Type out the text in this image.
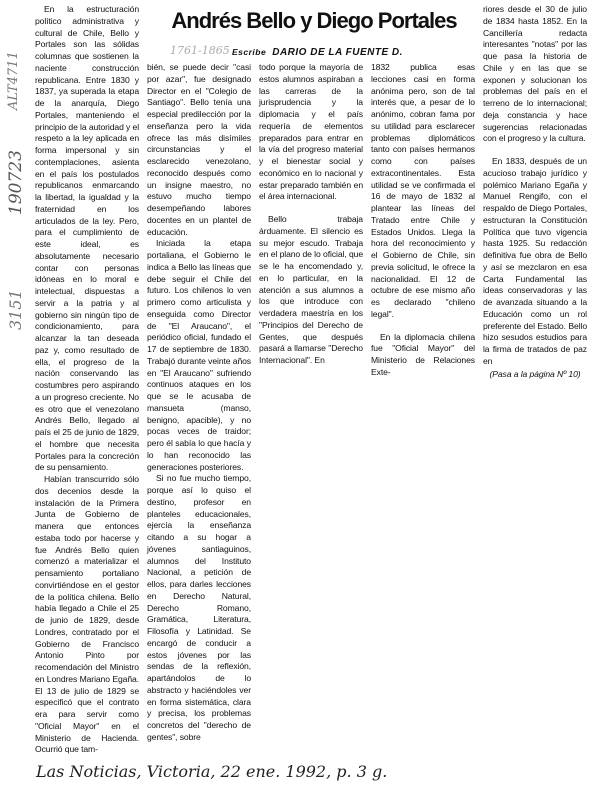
Andrés Bello y Diego Portales
Escribe DARIO DE LA FUENTE D.
1761-1865
ALT4711
190723
3151

En la estructuración político administrativa y cultural de Chile, Bello y Portales son las sólidas columnas que sostienen la naciente construcción republicana. Entre 1830 y 1837, ya superada la etapa de la anarquía, Diego Portales, manteniendo el principio de la autoridad y el respeto a la ley aplicada en forma impersonal y sin contemplaciones, asienta en el país los postulados republicanos enmarcando la libertad, la igualdad y la fraternidad en los articulados de la ley. Pero, para el cumplimiento de este ideal, es absolutamente necesario contar con personas idóneas en lo moral e intelectual, dispuestas a servir a la patria y al gobierno sin ningún tipo de condicionamiento, para alcanzar la tan deseada paz y, como resultado de ella, el progreso de la nación conservando las costumbres pero aspirando a un progreso creciente. No es otro que el venezolano Andrés Bello, llegado al país el 25 de junio de 1829, el hombre que necesita Portales para la concreción de su pensamiento.

Habían transcurrido sólo dos decenios desde la instalación de la Primera Junta de Gobierno de manera que entonces estaba todo por hacerse y fue Andrés Bello quien comenzó a materializar el pensamiento portaliano convirtiéndose en el gestor de la política chilena. Bello había llegado a Chile el 25 de junio de 1829, desde Londres, contratado por el Gobierno de Francisco Antonio Pinto por recomendación del Ministro en Londres Mariano Egaña. El 13 de julio de 1829 se especificó que el contrato era para servir como "Oficial Mayor" en el Ministerio de Hacienda. Ocurrió que tam-

bién, se puede decir "casi por azar", fue designado Director en el "Colegio de Santiago". Bello tenía una especial predilección por la enseñanza pero la vida ofrece las más disímiles circunstancias y el esclarecido venezolano, reconocido después como un insigne maestro, no estuvo mucho tiempo desempeñando labores docentes en un plantel de educación.

Iniciada la etapa portaliana, el Gobierno le indica a Bello las líneas que debe seguir el Chile del futuro. Los chilenos lo ven primero como articulista y enseguida como Director de "El Araucano", el periódico oficial, fundado el 17 de septiembre de 1830. Trabajó durante veinte años en "El Araucano" sufriendo continuos ataques en los que se le acusaba de mansueta (manso, benigno, apacible), y no pocas veces de traidor; pero él sabía lo que hacía y lo han reconocido las generaciones posteriores.

Si no fue mucho tiempo, porque así lo quiso el destino, profesor en planteles educacionales, ejercía la enseñanza citando a su hogar a jóvenes santiaguinos, alumnos del Instituto Nacional, a petición de ellos, para darles lecciones en Derecho Natural, Derecho Romano, Gramática, Literatura, Filosofía y Latinidad. Se encargó de conducir a estos jóvenes por las sendas de la reflexión, apartándolos de lo abstracto y haciéndoles ver en forma sistemática, clara y precisa, los problemas concretos del "derecho de gentes", sobre

todo porque la mayoría de estos alumnos aspiraban a las carreras de la jurisprudencia y la diplomacia y el país requería de elementos preparados para entrar en la vía del progreso material y el bienestar social y económico en lo nacional y estar preparado también en el área internacional.

Bello trabaja árduamente. El silencio es su mejor escudo. Trabaja en el plano de lo oficial, que se le ha encomendado y, en lo particular, en la atención a sus alumnos a los que introduce con verdadera maestría en los "Principios del Derecho de Gentes, que después pasará a llamarse "Derecho Internacional". En

1832 publica esas lecciones casi en forma anónima pero, son de tal interés que, a pesar de lo anónimo, cobran fama por su utilidad para esclarecer problemas diplomáticos tanto con países hermanos como con países extracontinentales. Esta utilidad se ve confirmada el 16 de mayo de 1832 al plantear las líneas del Tratado entre Chile y Estados Unidos. Llega la hora del reconocimiento y el Gobierno de Chile, sin previa solicitud, le ofrece la nacionalidad. El 12 de octubre de ese mismo año es declarado "chileno legal".

En la diplomacia chilena fue "Oficial Mayor" del Ministerio de Relaciones Exte-

riores desde el 30 de julio de 1834 hasta 1852. En la Cancillería redacta interesantes "notas" por las que pasa la historia de Chile y en las que se exponen y solucionan los problemas del país en el terreno de lo internacional; deja constancia y hace sugerencias relacionadas con el progreso y la cultura.

En 1833, después de un acucioso trabajo jurídico y polémico Mariano Egaña y Manuel Rengifo, con el respaldo de Diego Portales, estructuran la Constitución Política que tuvo vigencia hasta 1925. Su redacción definitiva fue obra de Bello y así se mezclaron en esa Carta Fundamental las ideas conservadoras y las de avanzada situando a la Educación como un rol preferente del Estado. Bello hizo sesudos estudios para la firma de tratados de paz en

(Pasa a la página Nº 10)
Las Noticias, Victoria, 22 ene. 1992, p. 3 g.
